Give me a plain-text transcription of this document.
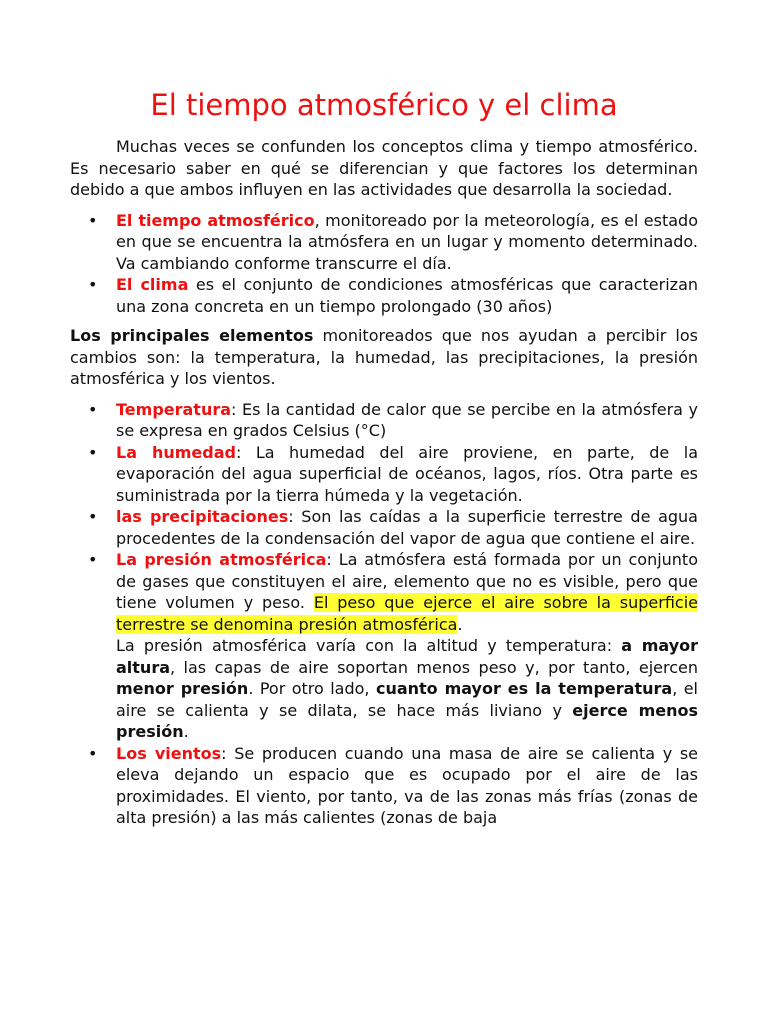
El tiempo atmosférico y el clima

Muchas veces se confunden los conceptos clima y tiempo atmosférico. Es necesario saber en qué se diferencian y que factores los determinan debido a que ambos influyen en las actividades que desarrolla la sociedad.

• El tiempo atmosférico, monitoreado por la meteorología, es el estado en que se encuentra la atmósfera en un lugar y momento determinado. Va cambiando conforme transcurre el día.
• El clima es el conjunto de condiciones atmosféricas que caracterizan una zona concreta en un tiempo prolongado (30 años)

Los principales elementos monitoreados que nos ayudan a percibir los cambios son: la temperatura, la humedad, las precipitaciones, la presión atmosférica y los vientos.

• Temperatura: Es la cantidad de calor que se percibe en la atmósfera y se expresa en grados Celsius (°C)
• La humedad: La humedad del aire proviene, en parte, de la evaporación del agua superficial de océanos, lagos, ríos. Otra parte es suministrada por la tierra húmeda y la vegetación.
• las precipitaciones: Son las caídas a la superficie terrestre de agua procedentes de la condensación del vapor de agua que contiene el aire.
• La presión atmosférica: La atmósfera está formada por un conjunto de gases que constituyen el aire, elemento que no es visible, pero que tiene volumen y peso. El peso que ejerce el aire sobre la superficie terrestre se denomina presión atmosférica.

La presión atmosférica varía con la altitud y temperatura: a mayor altura, las capas de aire soportan menos peso y, por tanto, ejercen menor presión. Por otro lado, cuanto mayor es la temperatura, el aire se calienta y se dilata, se hace más liviano y ejerce menos presión.

• Los vientos: Se producen cuando una masa de aire se calienta y se eleva dejando un espacio que es ocupado por el aire de las proximidades. El viento, por tanto, va de las zonas más frías (zonas de alta presión) a las más calientes (zonas de baja
